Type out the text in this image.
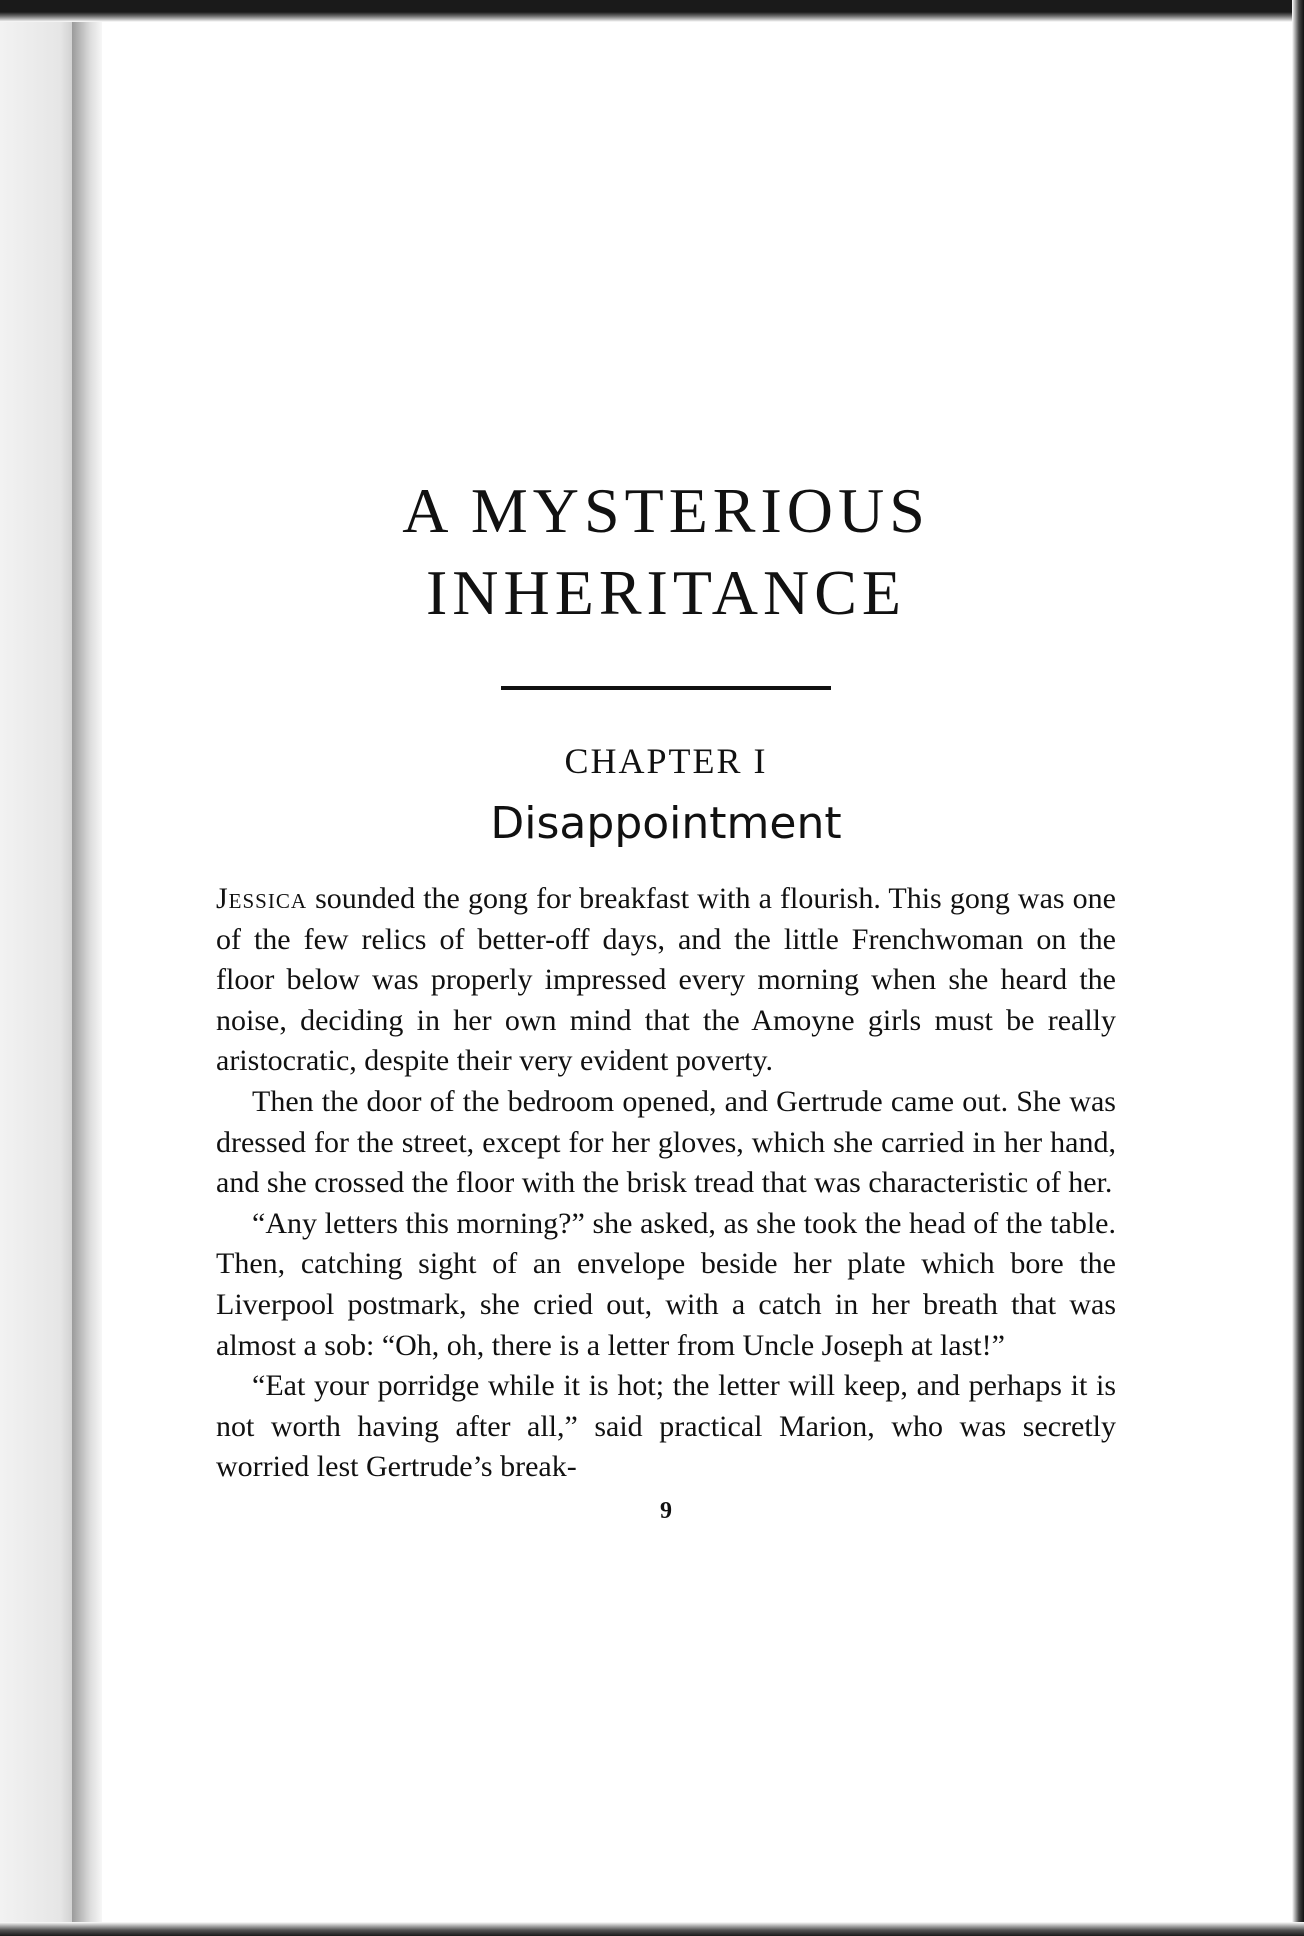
A MYSTERIOUS
INHERITANCE
CHAPTER I
Disappointment

Jessica sounded the gong for breakfast with a flourish. This gong was one of the few relics of better-off days, and the little Frenchwoman on the floor below was properly impressed every morning when she heard the noise, deciding in her own mind that the Amoyne girls must be really aristocratic, despite their very evident poverty.

Then the door of the bedroom opened, and Gertrude came out. She was dressed for the street, except for her gloves, which she carried in her hand, and she crossed the floor with the brisk tread that was characteristic of her.

“Any letters this morning?” she asked, as she took the head of the table. Then, catching sight of an envelope beside her plate which bore the Liverpool postmark, she cried out, with a catch in her breath that was almost a sob: “Oh, oh, there is a letter from Uncle Joseph at last!”

“Eat your porridge while it is hot; the letter will keep, and perhaps it is not worth having after all,” said practical Marion, who was secretly worried lest Gertrude’s break-

9
